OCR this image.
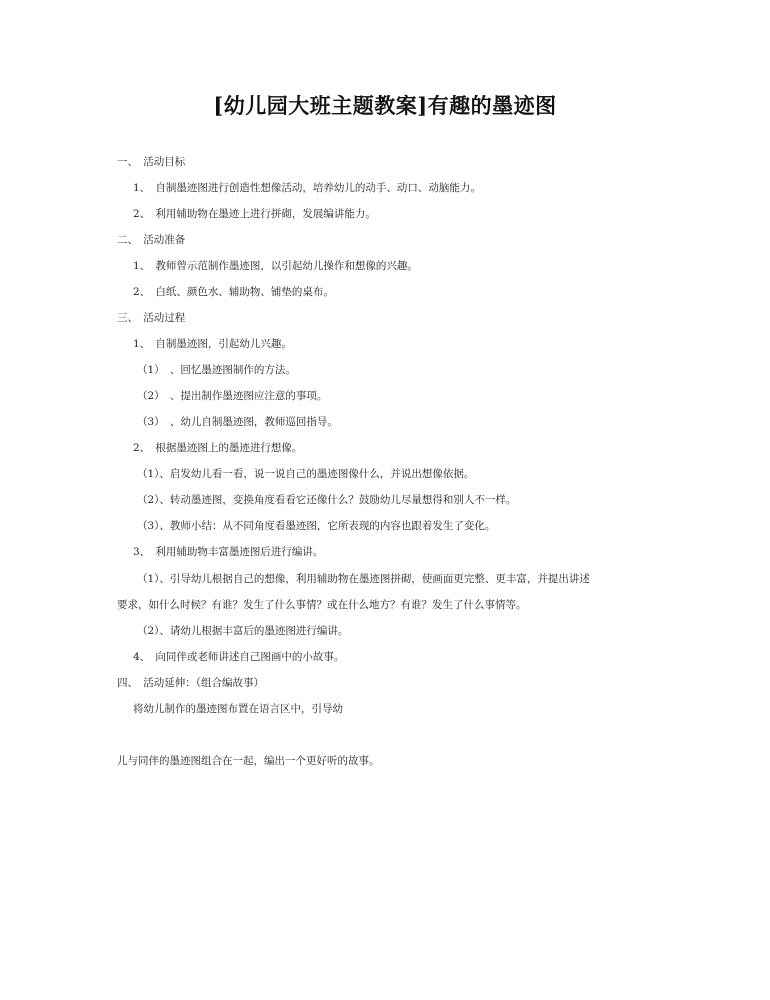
[幼儿园大班主题教案]有趣的墨迹图
一、　活动目标
1、　自制墨迹图进行创造性想像活动，培养幼儿的动手、动口、动脑能力。
2、　利用辅助物在墨迹上进行拼砌，发展编讲能力。
二、　活动准备
1、　教师曾示范制作墨迹图，以引起幼儿操作和想像的兴趣。
2、　白纸、颜色水、辅助物、铺垫的桌布。
三、　活动过程
1、　自制墨迹图，引起幼儿兴趣。
（1）　、回忆墨迹图制作的方法。
（2）　、提出制作墨迹图应注意的事项。
（3）　、幼儿自制墨迹图，教师巡回指导。
2、　根据墨迹图上的墨迹进行想像。
（1）、启发幼儿看一看，说一说自己的墨迹图像什么，并说出想像依据。
（2）、转动墨迹图，变换角度看看它还像什么？鼓励幼儿尽量想得和别人不一样。
（3）、教师小结：从不同角度看墨迹图，它所表现的内容也跟着发生了变化。
3、　利用辅助物丰富墨迹图后进行编讲。
（1）、引导幼儿根据自己的想像，利用辅助物在墨迹图拼砌，使画面更完整、更丰富，并提出讲述
要求，如什么时候？有谁？发生了什么事情？或在什么地方？有谁？发生了什么事情等。
（2）、请幼儿根据丰富后的墨迹图进行编讲。
4、　向同伴或老师讲述自己图画中的小故事。
四、　活动延伸：（组合编故事）
将幼儿制作的墨迹图布置在语言区中，引导幼
儿与同伴的墨迹图组合在一起，编出一个更好听的故事。
